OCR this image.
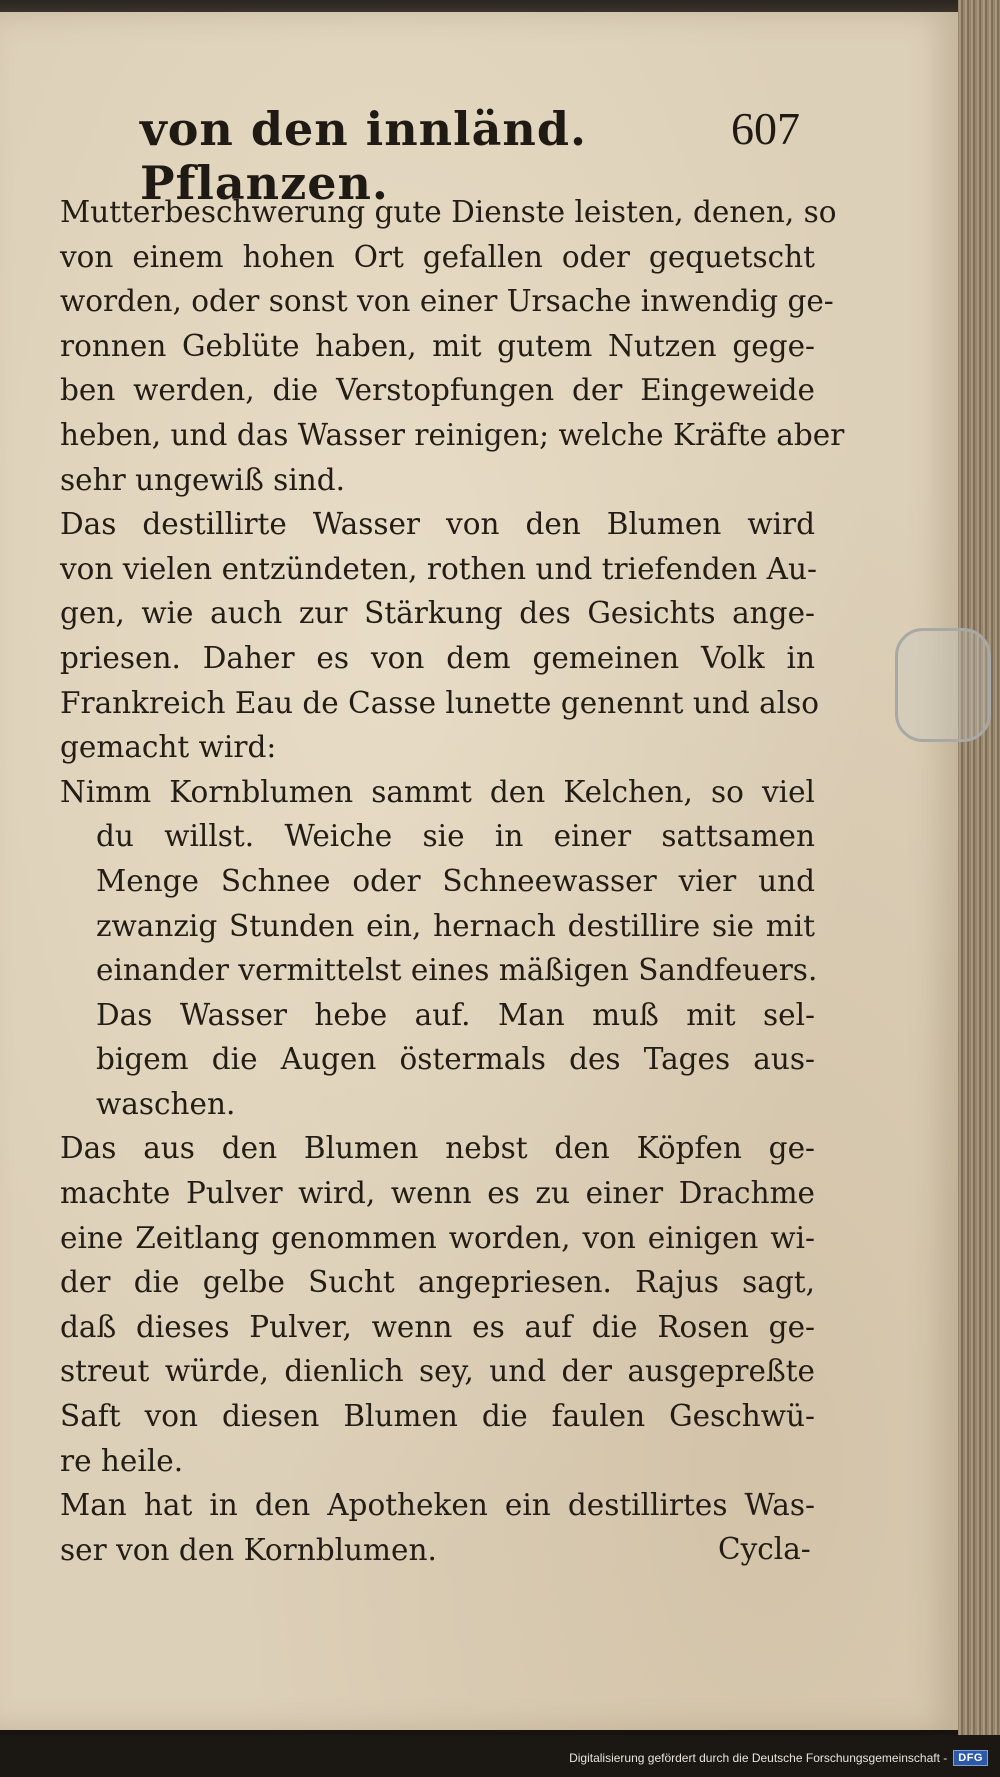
von den innländ. Pflanzen.
607
Mutterbeschwerung gute Dienste leisten, denen, so
von einem hohen Ort gefallen oder gequetscht
worden, oder sonst von einer Ursache inwendig ge-
ronnen Geblüte haben, mit gutem Nutzen gege-
ben werden, die Verstopfungen der Eingeweide
heben, und das Wasser reinigen; welche Kräfte aber
sehr ungewiß sind.
Das destillirte Wasser von den Blumen wird
von vielen entzündeten, rothen und triefenden Au-
gen, wie auch zur Stärkung des Gesichts ange-
priesen. Daher es von dem gemeinen Volk in
Frankreich Eau de Casse lunette genennt und also
gemacht wird:
Nimm Kornblumen sammt den Kelchen, so viel
du willst. Weiche sie in einer sattsamen
Menge Schnee oder Schneewasser vier und
zwanzig Stunden ein, hernach destillire sie mit
einander vermittelst eines mäßigen Sandfeuers.
Das Wasser hebe auf. Man muß mit sel-
bigem die Augen östermals des Tages aus-
waschen.
Das aus den Blumen nebst den Köpfen ge-
machte Pulver wird, wenn es zu einer Drachme
eine Zeitlang genommen worden, von einigen wi-
der die gelbe Sucht angepriesen. Rajus sagt,
daß dieses Pulver, wenn es auf die Rosen ge-
streut würde, dienlich sey, und der ausgepreßte
Saft von diesen Blumen die faulen Geschwü-
re heile.
Man hat in den Apotheken ein destillirtes Was-
ser von den Kornblumen.	Cycla-
Digitalisierung gefördert durch die Deutsche Forschungsgemeinschaft -	DFG
